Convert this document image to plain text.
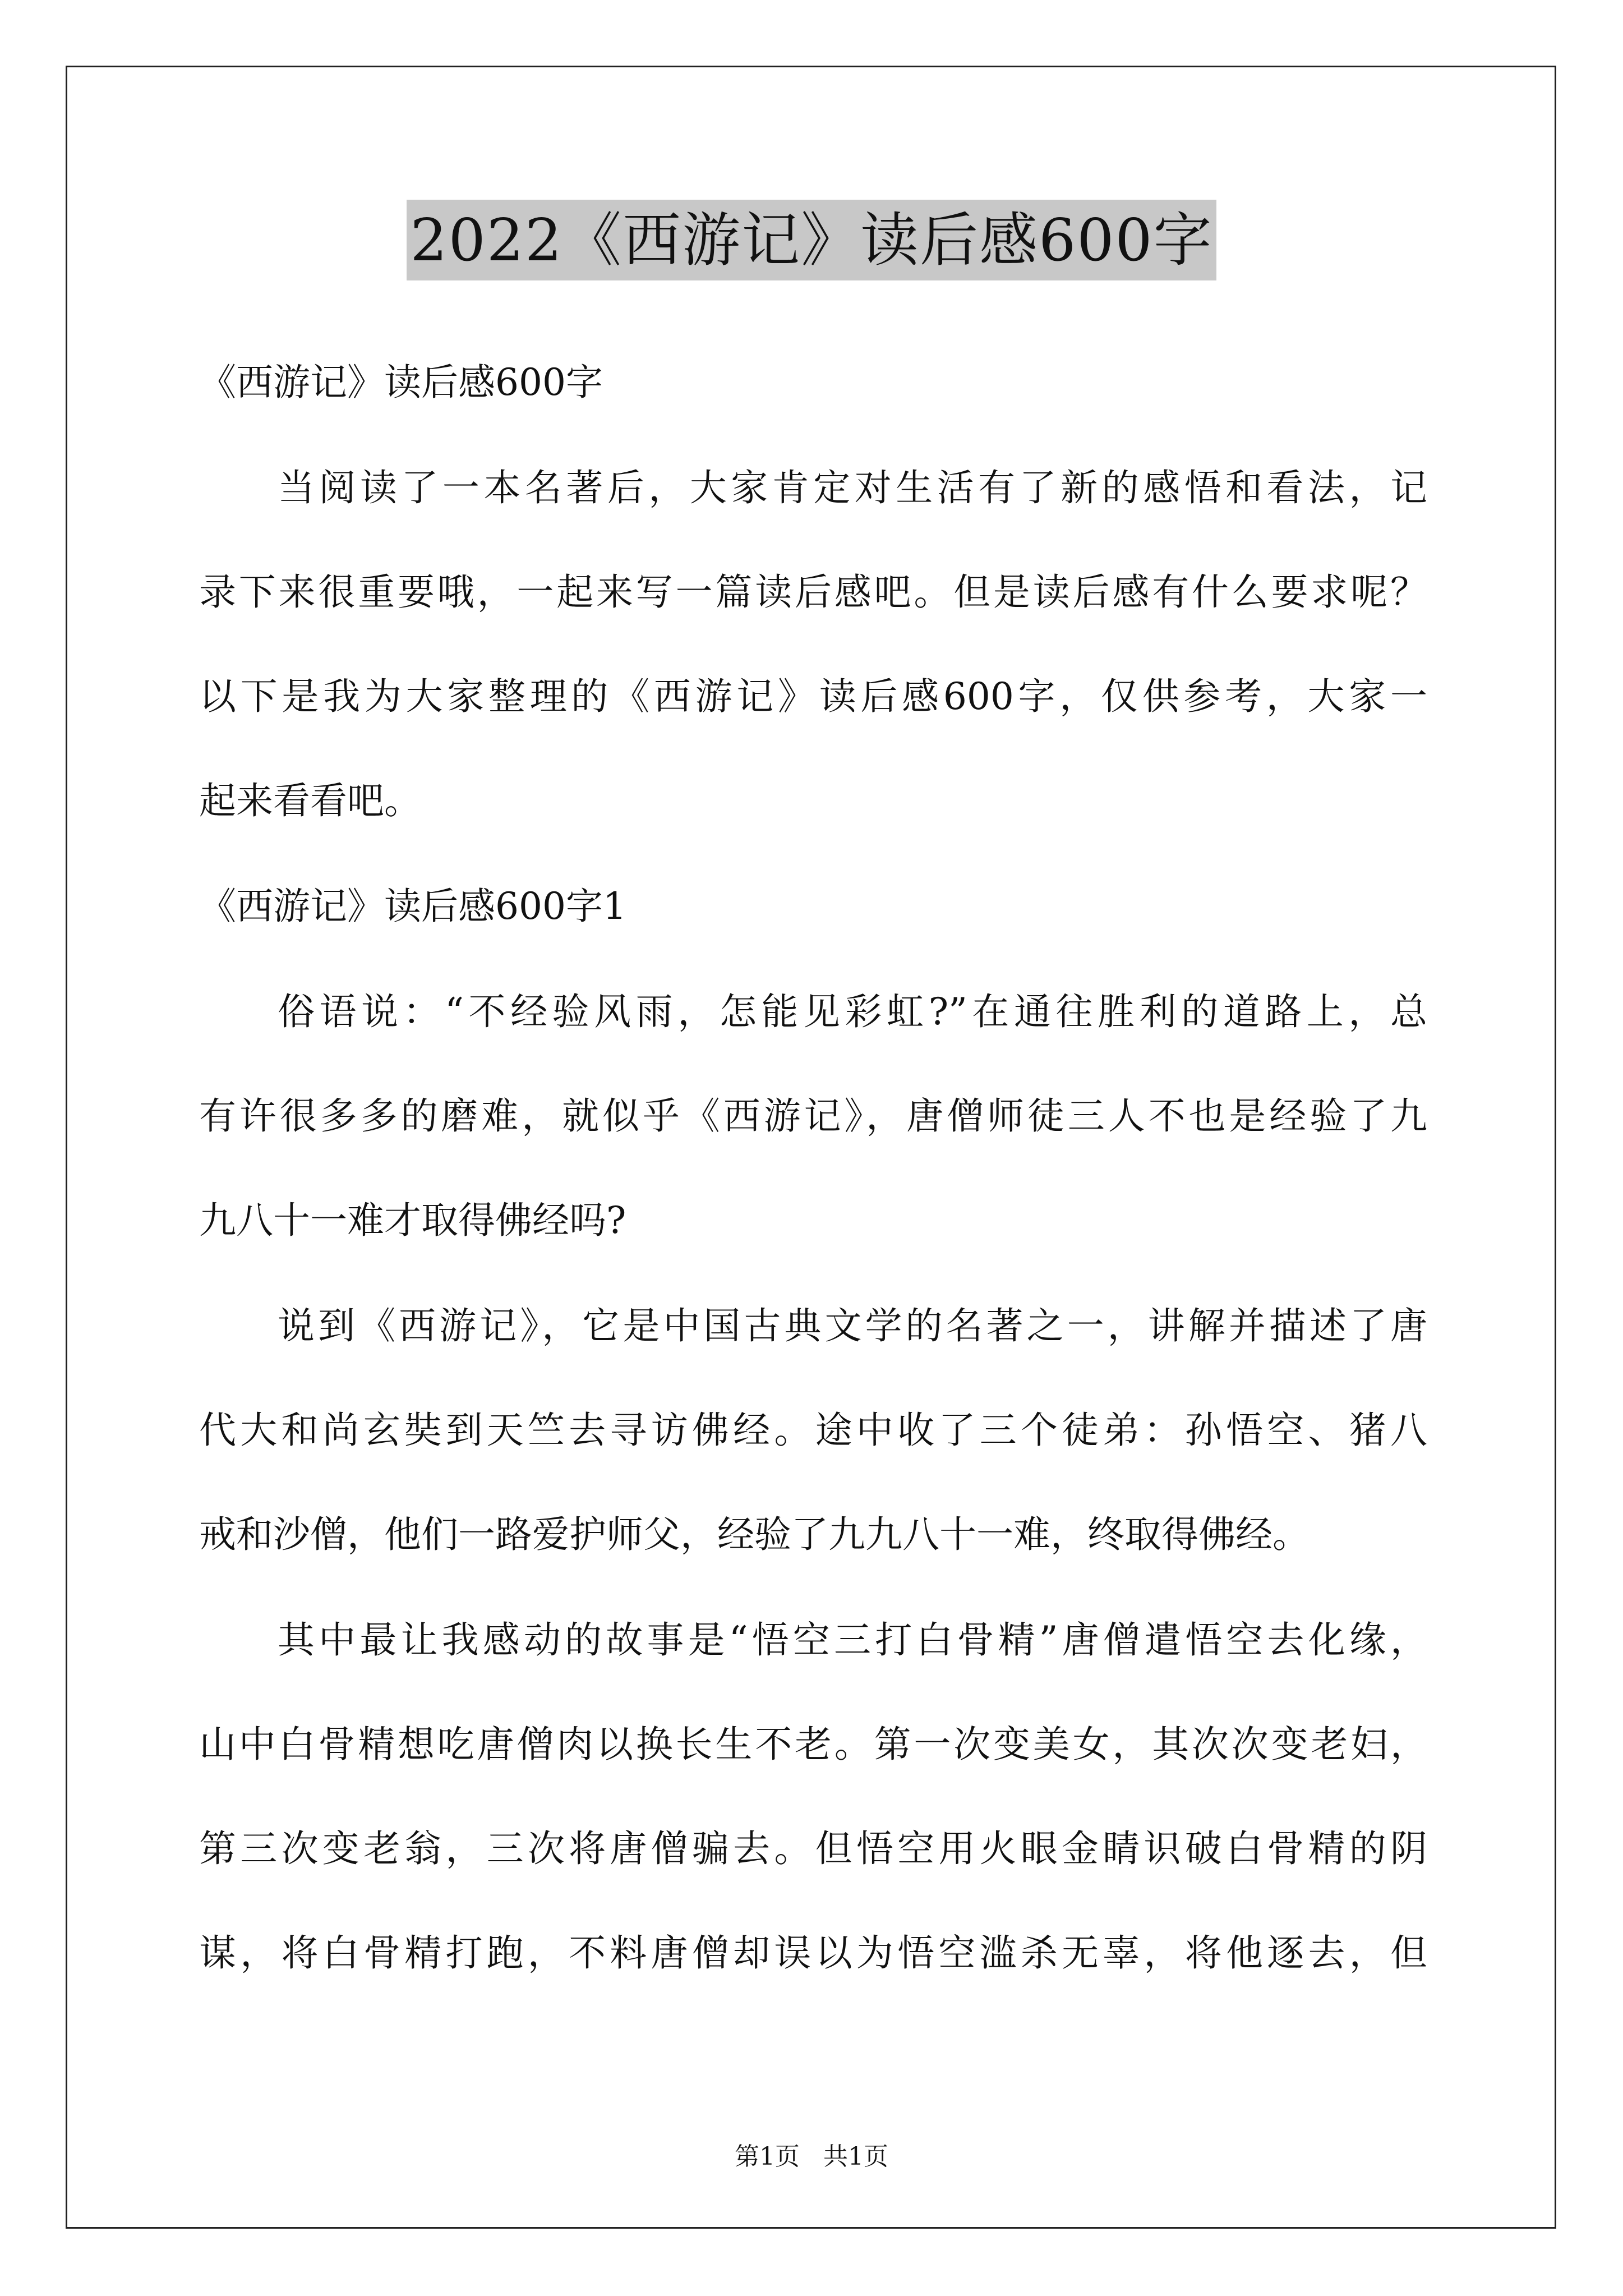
2022《西游记》读后感600字
《西游记》读后感600字
当阅读了一本名著后，大家肯定对生活有了新的感悟和看法，记
录下来很重要哦，一起来写一篇读后感吧。但是读后感有什么要求呢？
以下是我为大家整理的《西游记》读后感600字，仅供参考，大家一
起来看看吧。
《西游记》读后感600字1
俗语说：“不经验风雨，怎能见彩虹?”在通往胜利的道路上，总
有许很多多的磨难，就似乎《西游记》，唐僧师徒三人不也是经验了九
九八十一难才取得佛经吗?
说到《西游记》，它是中国古典文学的名著之一，讲解并描述了唐
代大和尚玄奘到天竺去寻访佛经。途中收了三个徒弟：孙悟空、猪八
戒和沙僧，他们一路爱护师父，经验了九九八十一难，终取得佛经。
其中最让我感动的故事是“悟空三打白骨精”唐僧遣悟空去化缘，
山中白骨精想吃唐僧肉以换长生不老。第一次变美女，其次次变老妇，
第三次变老翁，三次将唐僧骗去。但悟空用火眼金睛识破白骨精的阴
谋，将白骨精打跑，不料唐僧却误以为悟空滥杀无辜，将他逐去，但
第1页 共1页
